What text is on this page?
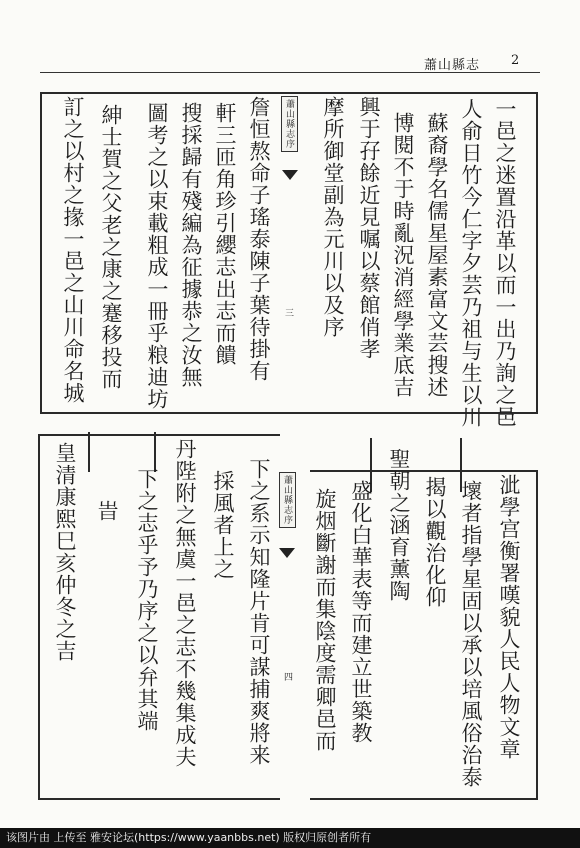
蕭山縣志 2
蕭山縣志序
三	一邑之迷置沿革以而一出乃詢之邑
人俞日竹今仁字夕芸乃祖与生以川
蘇裔學名儒星屋素富文芸搜述
博閱不于時亂況消經學業底吉
興于孖餘近見嘱以蔡館俏孝
摩所御堂副為元川以及序
詹恒熬命子瑤泰陳子葉待掛有
軒三匝角珍引纓志出志而饋
搜採歸有殘編為征據恭之汝無
圖考之以束載粗成一冊乎粮迪坊
紳士賀之父老之康之蹇移投而
訂之以村之掾一邑之山川命名城
泚學宫衡署嘆貌人民人物文章
壞者指學星固以承以培風俗治泰
揭以觀治化仰
聖朝之涵育薰陶
盛化白華表等而建立世築教
旋烟斷謝而集陰度需卿邑而
蕭山縣志序
四
下之系示知隆片肯可謀捕爽將来
採風者上之
丹陛附之無虞一邑之志不幾集成夫
下之志乎予乃序之以弁其端
旹
皇清康熙巳亥仲冬之吉
该图片由 上传至 雅安论坛(https://www.yaanbbs.net) 版权归原创者所有
